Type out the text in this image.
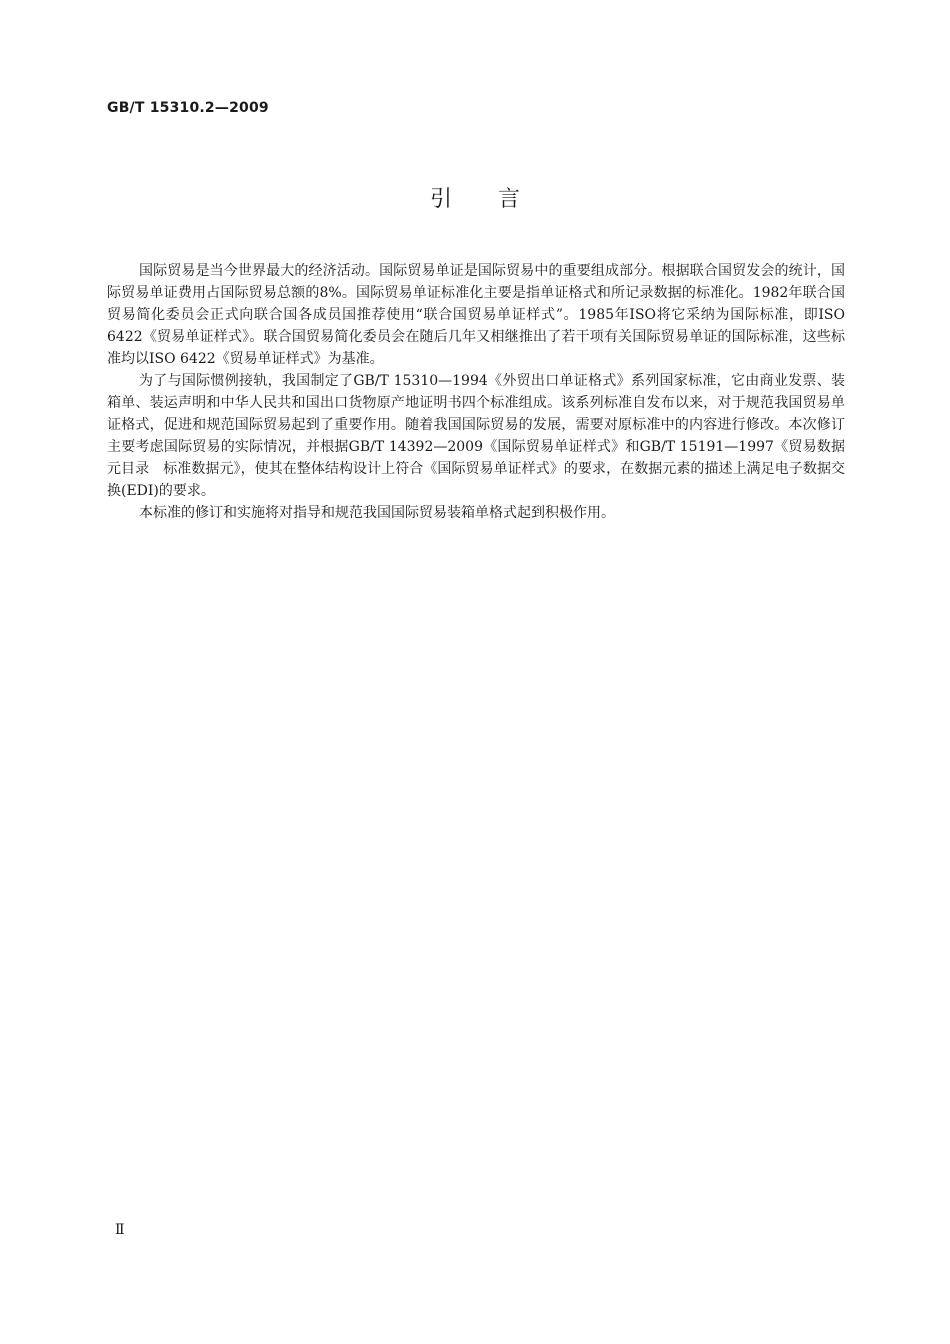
GB/T 15310.2—2009
引言

国际贸易是当今世界最大的经济活动。国际贸易单证是国际贸易中的重要组成部分。根据联合国贸发会的统计，国际贸易单证费用占国际贸易总额的8%。国际贸易单证标准化主要是指单证格式和所记录数据的标准化。1982年联合国贸易简化委员会正式向联合国各成员国推荐使用“联合国贸易单证样式”。1985年ISO将它采纳为国际标准，即ISO 6422《贸易单证样式》。联合国贸易简化委员会在随后几年又相继推出了若干项有关国际贸易单证的国际标准，这些标准均以ISO 6422《贸易单证样式》为基准。

为了与国际惯例接轨，我国制定了GB/T 15310—1994《外贸出口单证格式》系列国家标准，它由商业发票、装箱单、装运声明和中华人民共和国出口货物原产地证明书四个标准组成。该系列标准自发布以来，对于规范我国贸易单证格式，促进和规范国际贸易起到了重要作用。随着我国国际贸易的发展，需要对原标准中的内容进行修改。本次修订主要考虑国际贸易的实际情况，并根据GB/T 14392—2009《国际贸易单证样式》和GB/T 15191—1997《贸易数据元目录　标准数据元》，使其在整体结构设计上符合《国际贸易单证样式》的要求，在数据元素的描述上满足电子数据交换(EDI)的要求。

本标准的修订和实施将对指导和规范我国国际贸易装箱单格式起到积极作用。

Ⅱ
